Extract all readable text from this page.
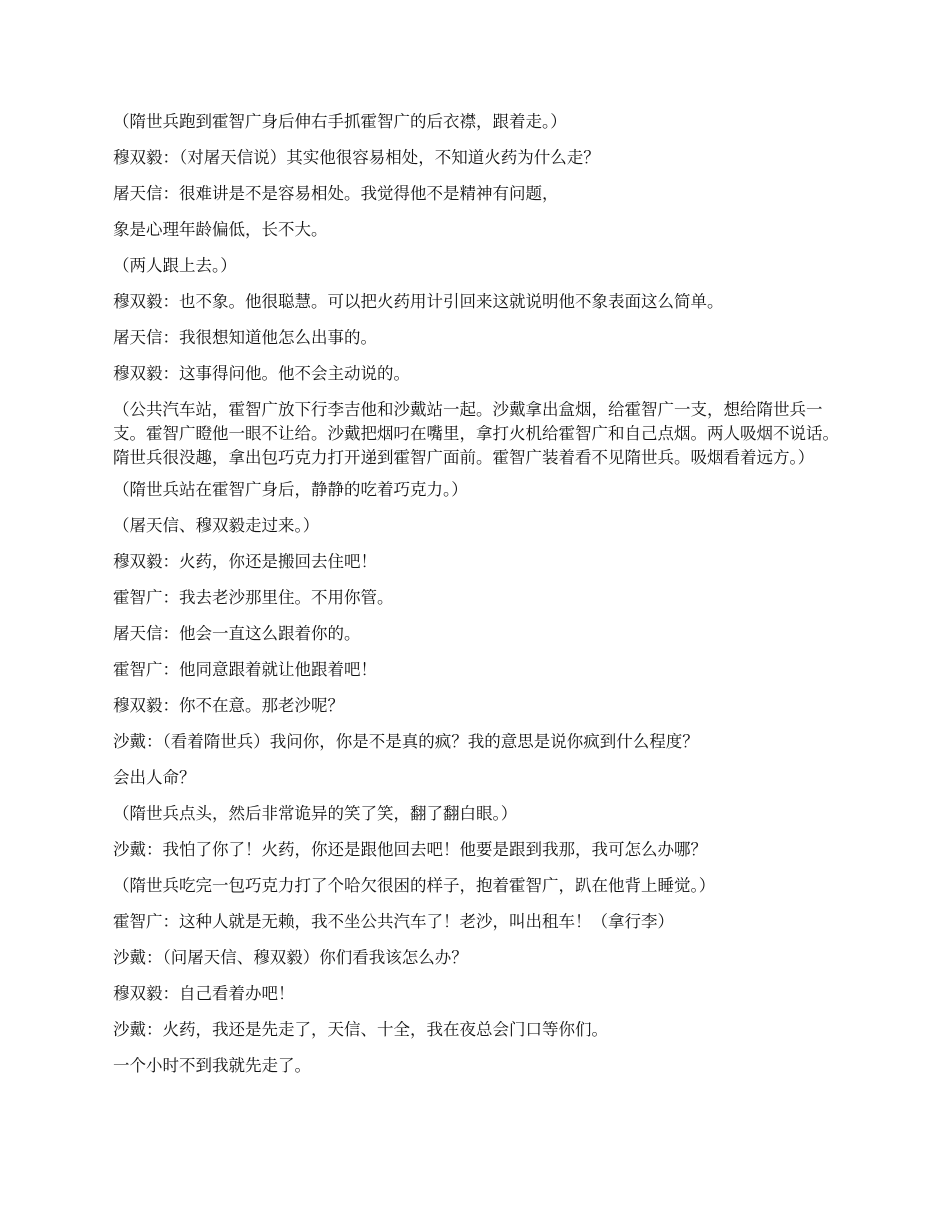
（隋世兵跑到霍智广身后伸右手抓霍智广的后衣襟，跟着走。）

穆双毅：（对屠天信说）其实他很容易相处，不知道火药为什么走？

屠天信：很难讲是不是容易相处。我觉得他不是精神有问题，

象是心理年龄偏低，长不大。

（两人跟上去。）

穆双毅：也不象。他很聪慧。可以把火药用计引回来这就说明他不象表面这么简单。

屠天信：我很想知道他怎么出事的。

穆双毅：这事得问他。他不会主动说的。

（公共汽车站，霍智广放下行李吉他和沙戴站一起。沙戴拿出盒烟，给霍智广一支，想给隋世兵一支。霍智广瞪他一眼不让给。沙戴把烟叼在嘴里，拿打火机给霍智广和自己点烟。两人吸烟不说话。隋世兵很没趣，拿出包巧克力打开递到霍智广面前。霍智广装着看不见隋世兵。吸烟看着远方。）

（隋世兵站在霍智广身后，静静的吃着巧克力。）

（屠天信、穆双毅走过来。）

穆双毅：火药，你还是搬回去住吧！

霍智广：我去老沙那里住。不用你管。

屠天信：他会一直这么跟着你的。

霍智广：他同意跟着就让他跟着吧！

穆双毅：你不在意。那老沙呢？

沙戴：（看着隋世兵）我问你，你是不是真的疯？我的意思是说你疯到什么程度？

会出人命？

（隋世兵点头，然后非常诡异的笑了笑，翻了翻白眼。）

沙戴：我怕了你了！火药，你还是跟他回去吧！他要是跟到我那，我可怎么办哪？

（隋世兵吃完一包巧克力打了个哈欠很困的样子，抱着霍智广，趴在他背上睡觉。）

霍智广：这种人就是无赖，我不坐公共汽车了！老沙，叫出租车！（拿行李）

沙戴：（问屠天信、穆双毅）你们看我该怎么办？

穆双毅：自己看着办吧！

沙戴：火药，我还是先走了，天信、十全，我在夜总会门口等你们。

一个小时不到我就先走了。
